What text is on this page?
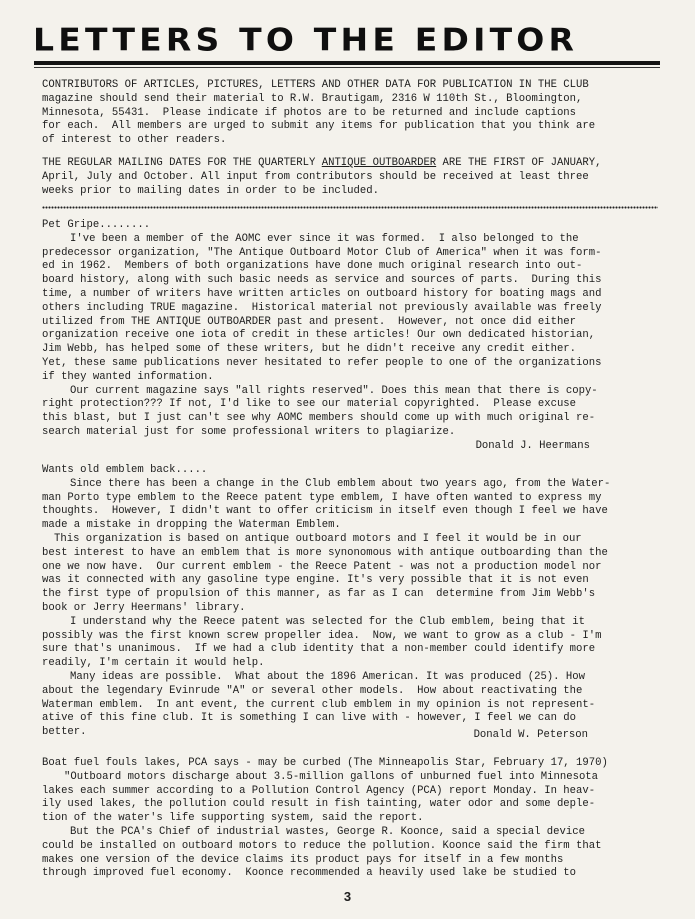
LETTERS TO THE EDITOR
CONTRIBUTORS OF ARTICLES, PICTURES, LETTERS AND OTHER DATA FOR PUBLICATION IN THE CLUB
magazine should send their material to R.W. Brautigam, 2316 W 110th St., Bloomington,
Minnesota, 55431.  Please indicate if photos are to be returned and include captions
for each.  All members are urged to submit any items for publication that you think are
of interest to other readers.
THE REGULAR MAILING DATES FOR THE QUARTERLY ANTIQUE OUTBOARDER ARE THE FIRST OF JANUARY,
April, July and October. All input from contributors should be received at least three
weeks prior to mailing dates in order to be included.
Pet Gripe........
I've been a member of the AOMC ever since it was formed.  I also belonged to the
predecessor organization, "The Antique Outboard Motor Club of America" when it was form-
ed in 1962.  Members of both organizations have done much original research into out-
board history, along with such basic needs as service and sources of parts.  During this
time, a number of writers have written articles on outboard history for boating mags and
others including TRUE magazine.  Historical material not previously available was freely
utilized from THE ANTIQUE OUTBOARDER past and present.  However, not once did either
organization receive one iota of credit in these articles! Our own dedicated historian,
Jim Webb, has helped some of these writers, but he didn't receive any credit either.
Yet, these same publications never hesitated to refer people to one of the organizations
if they wanted information.
Our current magazine says "all rights reserved". Does this mean that there is copy-
right protection??? If not, I'd like to see our material copyrighted.  Please excuse
this blast, but I just can't see why AOMC members should come up with much original re-
search material just for some professional writers to plagiarize.
Donald J. Heermans
Wants old emblem back.....
Since there has been a change in the Club emblem about two years ago, from the Water-
man Porto type emblem to the Reece patent type emblem, I have often wanted to express my
thoughts.  However, I didn't want to offer criticism in itself even though I feel we have
made a mistake in dropping the Waterman Emblem.
This organization is based on antique outboard motors and I feel it would be in our
best interest to have an emblem that is more synonomous with antique outboarding than the
one we now have.  Our current emblem - the Reece Patent - was not a production model nor
was it connected with any gasoline type engine. It's very possible that it is not even
the first type of propulsion of this manner, as far as I can  determine from Jim Webb's
book or Jerry Heermans' library.
I understand why the Reece patent was selected for the Club emblem, being that it
possibly was the first known screw propeller idea.  Now, we want to grow as a club - I'm
sure that's unanimous.  If we had a club identity that a non-member could identify more
readily, I'm certain it would help.
Many ideas are possible.  What about the 1896 American. It was produced (25). How
about the legendary Evinrude "A" or several other models.  How about reactivating the
Waterman emblem.  In ant event, the current club emblem in my opinion is not represent-
ative of this fine club. It is something I can live with - however, I feel we can do
better.	Donald W. Peterson
Boat fuel fouls lakes, PCA says - may be curbed (The Minneapolis Star, February 17, 1970)
"Outboard motors discharge about 3.5-million gallons of unburned fuel into Minnesota
lakes each summer according to a Pollution Control Agency (PCA) report Monday. In heav-
ily used lakes, the pollution could result in fish tainting, water odor and some deple-
tion of the water's life supporting system, said the report.
But the PCA's Chief of industrial wastes, George R. Koonce, said a special device
could be installed on outboard motors to reduce the pollution. Koonce said the firm that
makes one version of the device claims its product pays for itself in a few months
through improved fuel economy.  Koonce recommended a heavily used lake be studied to
3
